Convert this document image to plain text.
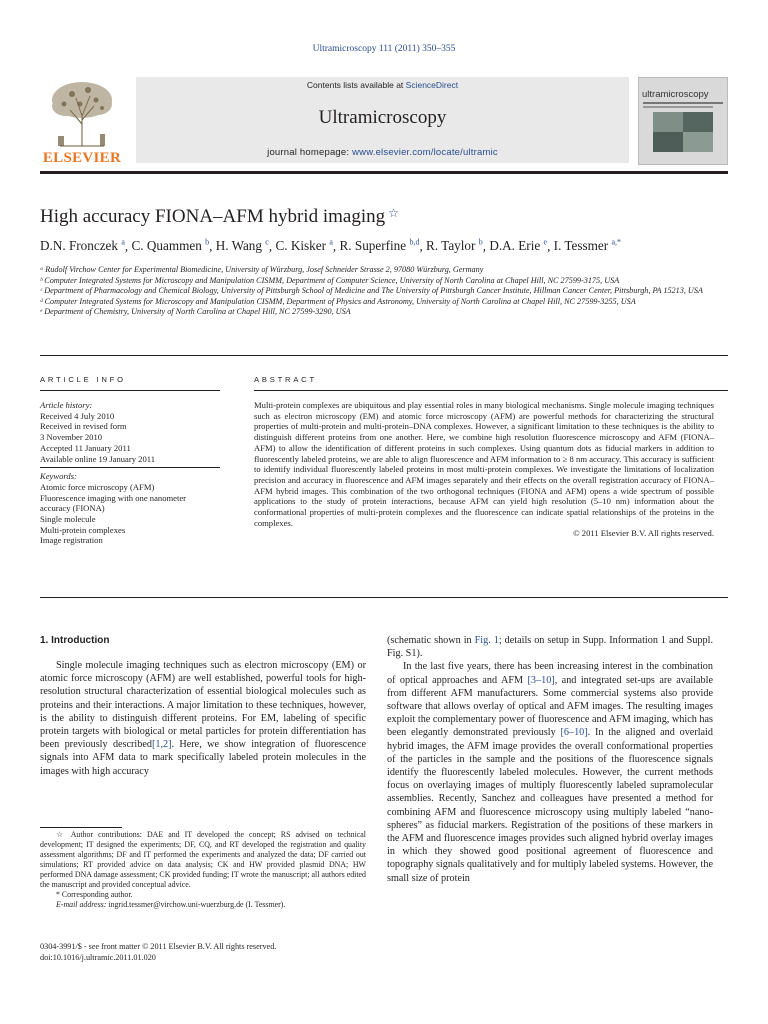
Ultramicroscopy 111 (2011) 350–355
ELSEVIER
Contents lists available at ScienceDirect
Ultramicroscopy
journal homepage: www.elsevier.com/locate/ultramic
ultramicroscopy
High accuracy FIONA–AFM hybrid imaging ☆
D.N. Fronczek $^a$, C. Quammen $^b$, H. Wang $^c$, C. Kisker $^a$, R. Superfine $^{b,d}$, R. Taylor $^b$, D.A. Erie $^e$, I. Tessmer $^{a,*}$
ᵃ Rudolf Virchow Center for Experimental Biomedicine, University of Würzburg, Josef Schneider Strasse 2, 97080 Würzburg, Germany
ᵇ Computer Integrated Systems for Microscopy and Manipulation CISMM, Department of Computer Science, University of North Carolina at Chapel Hill, NC 27599-3175, USA
ᶜ Department of Pharmacology and Chemical Biology, University of Pittsburgh School of Medicine and The University of Pittsburgh Cancer Institute, Hillman Cancer Center, Pittsburgh, PA 15213, USA
ᵈ Computer Integrated Systems for Microscopy and Manipulation CISMM, Department of Physics and Astronomy, University of North Carolina at Chapel Hill, NC 27599-3255, USA
ᵉ Department of Chemistry, University of North Carolina at Chapel Hill, NC 27599-3290, USA
ARTICLE INFO	ABSTRACT
Article history:
Received 4 July 2010
Received in revised form
3 November 2010
Accepted 11 January 2011
Available online 19 January 2011
Keywords:
Atomic force microscopy (AFM)
Fluorescence imaging with one nanometer
accuracy (FIONA)
Single molecule
Multi-protein complexes
Image registration
Multi-protein complexes are ubiquitous and play essential roles in many biological mechanisms. Single molecule imaging techniques such as electron microscopy (EM) and atomic force microscopy (AFM) are powerful methods for characterizing the structural properties of multi-protein and multi-protein–DNA complexes. However, a significant limitation to these techniques is the ability to distinguish different proteins from one another. Here, we combine high resolution fluorescence microscopy and AFM (FIONA–AFM) to allow the identification of different proteins in such complexes. Using quantum dots as fiducial markers in addition to fluorescently labeled proteins, we are able to align fluorescence and AFM information to ≥ 8 nm accuracy. This accuracy is sufficient to identify individual fluorescently labeled proteins in most multi-protein complexes. We investigate the limitations of localization precision and accuracy in fluorescence and AFM images separately and their effects on the overall registration accuracy of FIONA–AFM hybrid images. This combination of the two orthogonal techniques (FIONA and AFM) opens a wide spectrum of possible applications to the study of protein interactions, because AFM can yield high resolution (5–10 nm) information about the conformational properties of multi-protein complexes and the fluorescence can indicate spatial relationships of the proteins in the complexes.
© 2011 Elsevier B.V. All rights reserved.
1. Introduction
Single molecule imaging techniques such as electron microscopy (EM) or atomic force microscopy (AFM) are well established, powerful tools for high-resolution structural characterization of essential biological molecules such as proteins and their interactions. A major limitation to these techniques, however, is the ability to distinguish different proteins. For EM, labeling of specific protein targets with biological or metal particles for protein differentiation has been previously described[1,2]. Here, we show integration of fluorescence signals into AFM data to mark specifically labeled protein molecules in the images with high accuracy
(schematic shown in Fig. 1; details on setup in Supp. Information 1 and Suppl. Fig. S1).
In the last five years, there has been increasing interest in the combination of optical approaches and AFM [3–10], and integrated set-ups are available from different AFM manufacturers. Some commercial systems also provide software that allows overlay of optical and AFM images. The resulting images exploit the complementary power of fluorescence and AFM imaging, which has been elegantly demonstrated previously [6–10]. In the aligned and overlaid hybrid images, the AFM image provides the overall conformational properties of the particles in the sample and the positions of the fluorescence signals identify the fluorescently labeled molecules. However, the current methods focus on overlaying images of multiply fluorescently labeled supramolecular assemblies. Recently, Sanchez and colleagues have presented a method for combining AFM and fluorescence microscopy using multiply labeled “nano-spheres” as fiducial markers. Registration of the positions of these markers in the AFM and fluorescence images provides such aligned hybrid overlay images in which they showed good positional agreement of fluorescence and topography signals qualitatively and for multiply labeled systems. However, the small size of protein
☆ Author contributions: DAE and IT developed the concept; RS advised on technical development; IT designed the experiments; DF, CQ, and RT developed the registration and quality assessment algorithms; DF and IT performed the experiments and analyzed the data; DF carried out simulations; RT provided advice on data analysis; CK and HW provided plasmid DNA; HW performed DNA damage assessment; CK provided funding; IT wrote the manuscript; all authors edited the manuscript and provided conceptual advice.
* Corresponding author.
E-mail address: ingrid.tessmer@virchow.uni-wuerzburg.de (I. Tessmer).
0304-3991/$ - see front matter © 2011 Elsevier B.V. All rights reserved.
doi:10.1016/j.ultramic.2011.01.020
